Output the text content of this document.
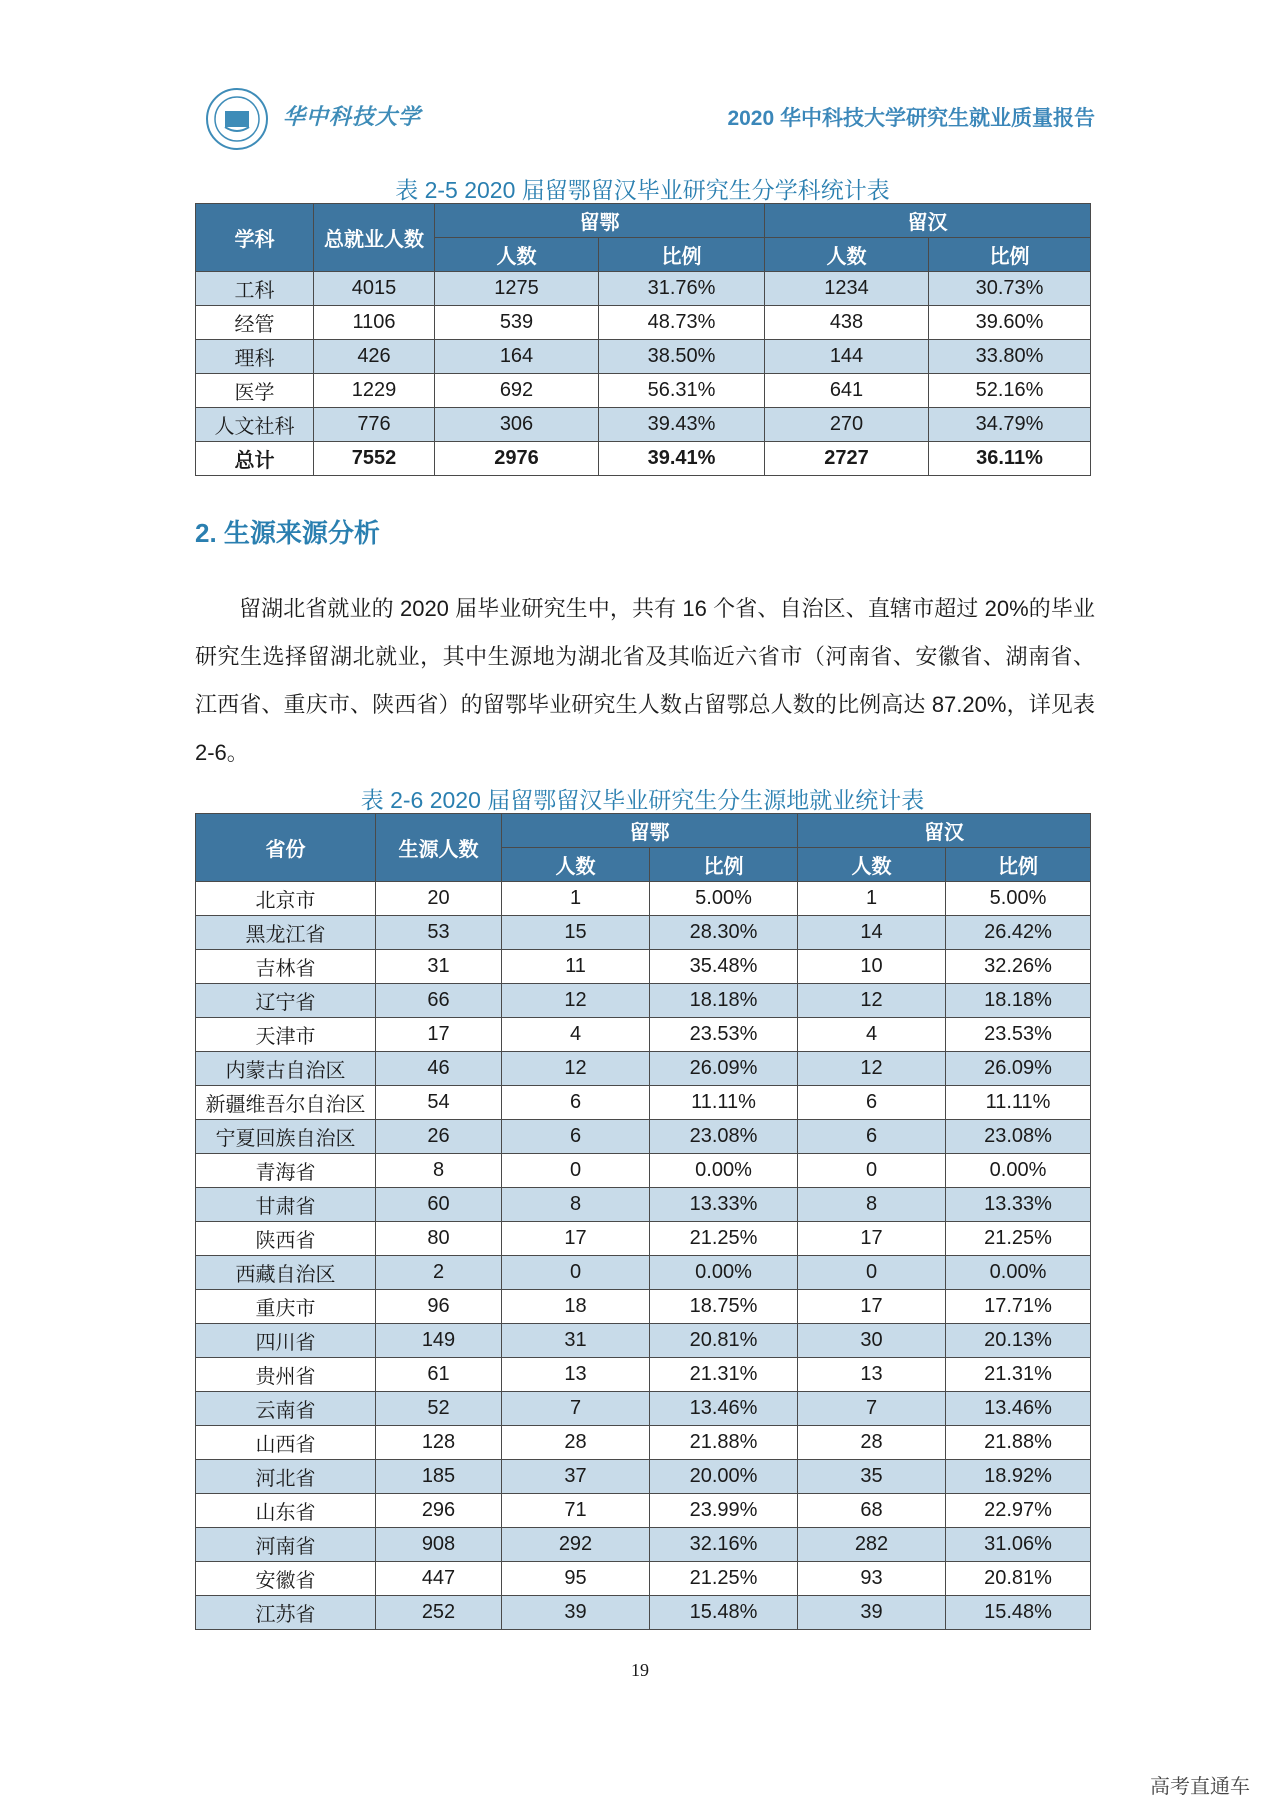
华中科技大学	2020 华中科技大学研究生就业质量报告
表 2-5 2020 届留鄂留汉毕业研究生分学科统计表
学科	总就业人数	留鄂		留汉	
		人数	比例	人数	比例
工科	4015	1275	31.76%	1234	30.73%
经管	1106	539	48.73%	438	39.60%
理科	426	164	38.50%	144	33.80%
医学	1229	692	56.31%	641	52.16%
人文社科	776	306	39.43%	270	34.79%
总计	7552	2976	39.41%	2727	36.11%
2. 生源来源分析

留湖北省就业的 2020 届毕业研究生中，共有 16 个省、自治区、直辖市超过 20%的毕业研究生选择留湖北就业，其中生源地为湖北省及其临近六省市（河南省、安徽省、湖南省、江西省、重庆市、陕西省）的留鄂毕业研究生人数占留鄂总人数的比例高达 87.20%，详见表 2-6。

表 2-6 2020 届留鄂留汉毕业研究生分生源地就业统计表
省份	生源人数	留鄂		留汉	
		人数	比例	人数	比例
北京市	20	1	5.00%	1	5.00%
黑龙江省	53	15	28.30%	14	26.42%
吉林省	31	11	35.48%	10	32.26%
辽宁省	66	12	18.18%	12	18.18%
天津市	17	4	23.53%	4	23.53%
内蒙古自治区	46	12	26.09%	12	26.09%
新疆维吾尔自治区	54	6	11.11%	6	11.11%
宁夏回族自治区	26	6	23.08%	6	23.08%
青海省	8	0	0.00%	0	0.00%
甘肃省	60	8	13.33%	8	13.33%
陕西省	80	17	21.25%	17	21.25%
西藏自治区	2	0	0.00%	0	0.00%
重庆市	96	18	18.75%	17	17.71%
四川省	149	31	20.81%	30	20.13%
贵州省	61	13	21.31%	13	21.31%
云南省	52	7	13.46%	7	13.46%
山西省	128	28	21.88%	28	21.88%
河北省	185	37	20.00%	35	18.92%
山东省	296	71	23.99%	68	22.97%
河南省	908	292	32.16%	282	31.06%
安徽省	447	95	21.25%	93	20.81%
江苏省	252	39	15.48%	39	15.48%
19
高考直通车
